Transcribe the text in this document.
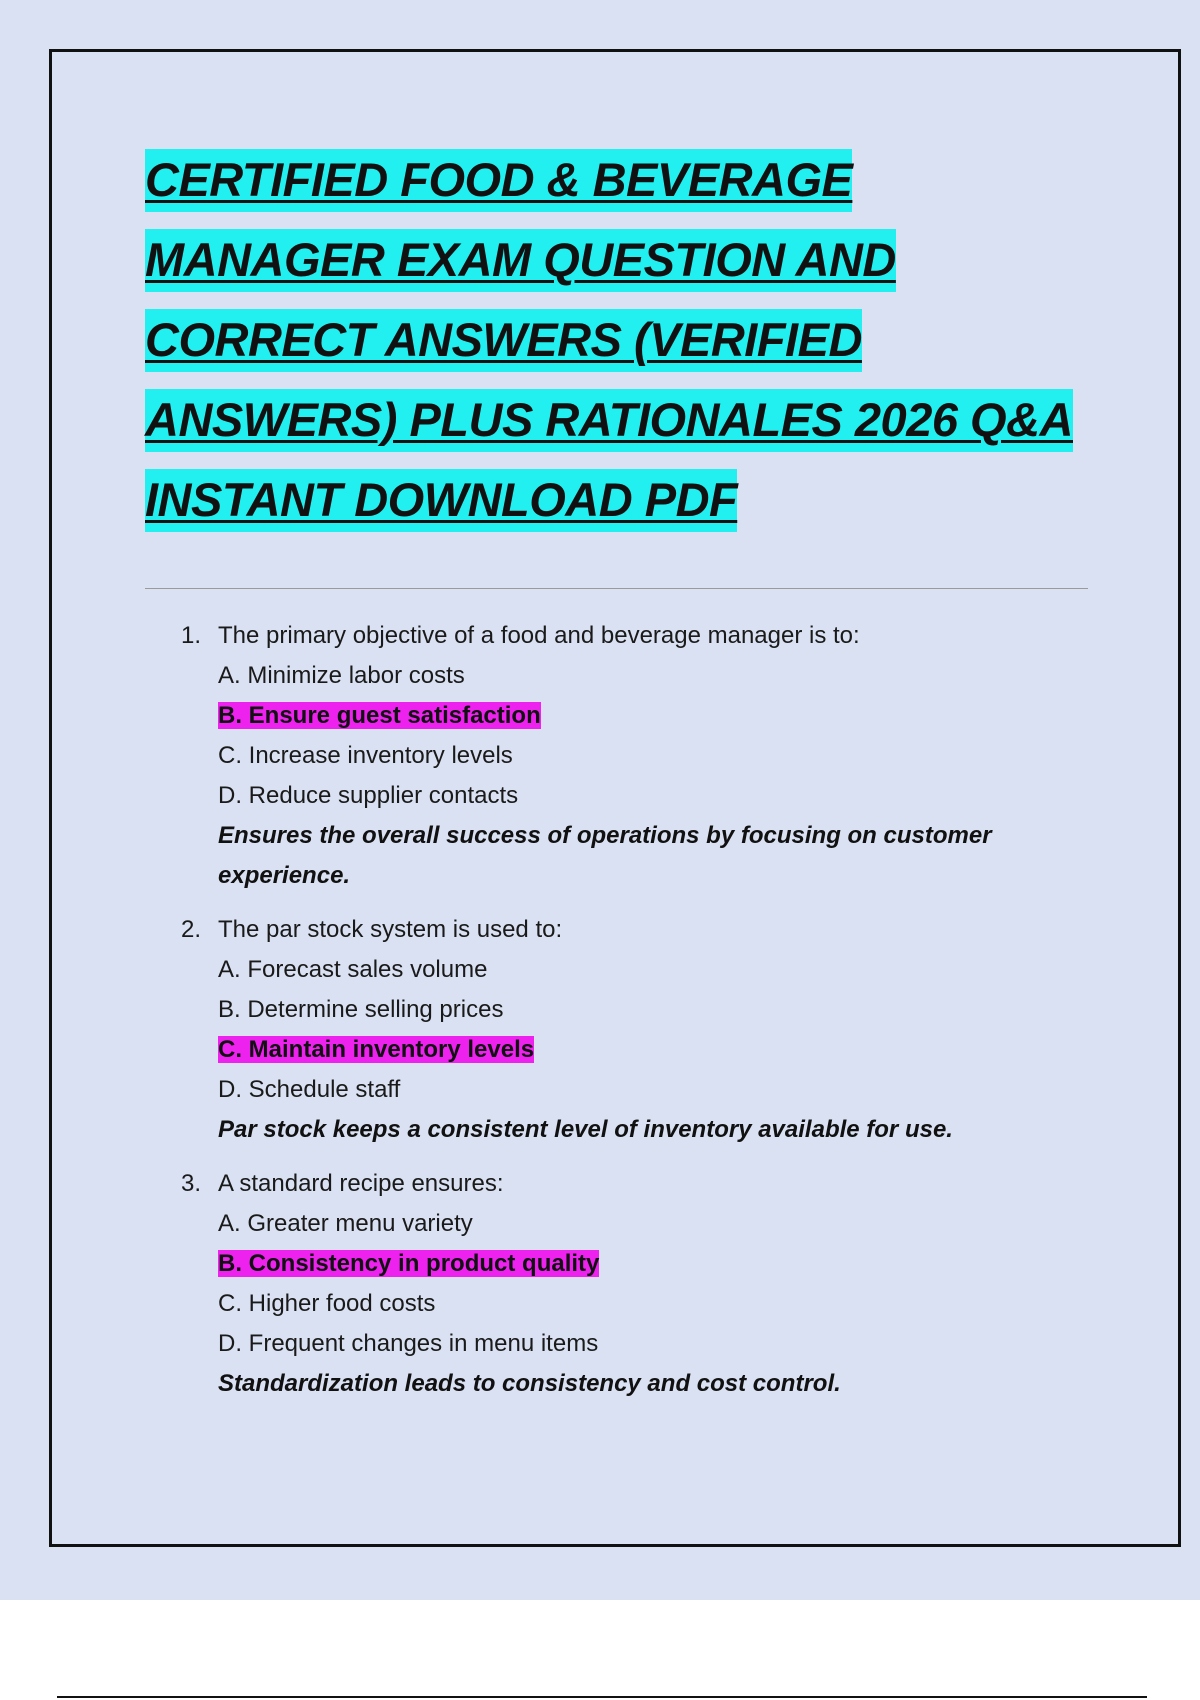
CERTIFIED FOOD & BEVERAGE
MANAGER EXAM QUESTION AND
CORRECT ANSWERS (VERIFIED
ANSWERS) PLUS RATIONALES 2026 Q&A
INSTANT DOWNLOAD PDF
1. The primary objective of a food and beverage manager is to:
A. Minimize labor costs
B. Ensure guest satisfaction
C. Increase inventory levels
D. Reduce supplier contacts
Ensures the overall success of operations by focusing on customer experience.
2. The par stock system is used to:
A. Forecast sales volume
B. Determine selling prices
C. Maintain inventory levels
D. Schedule staff
Par stock keeps a consistent level of inventory available for use.
3. A standard recipe ensures:
A. Greater menu variety
B. Consistency in product quality
C. Higher food costs
D. Frequent changes in menu items
Standardization leads to consistency and cost control.
